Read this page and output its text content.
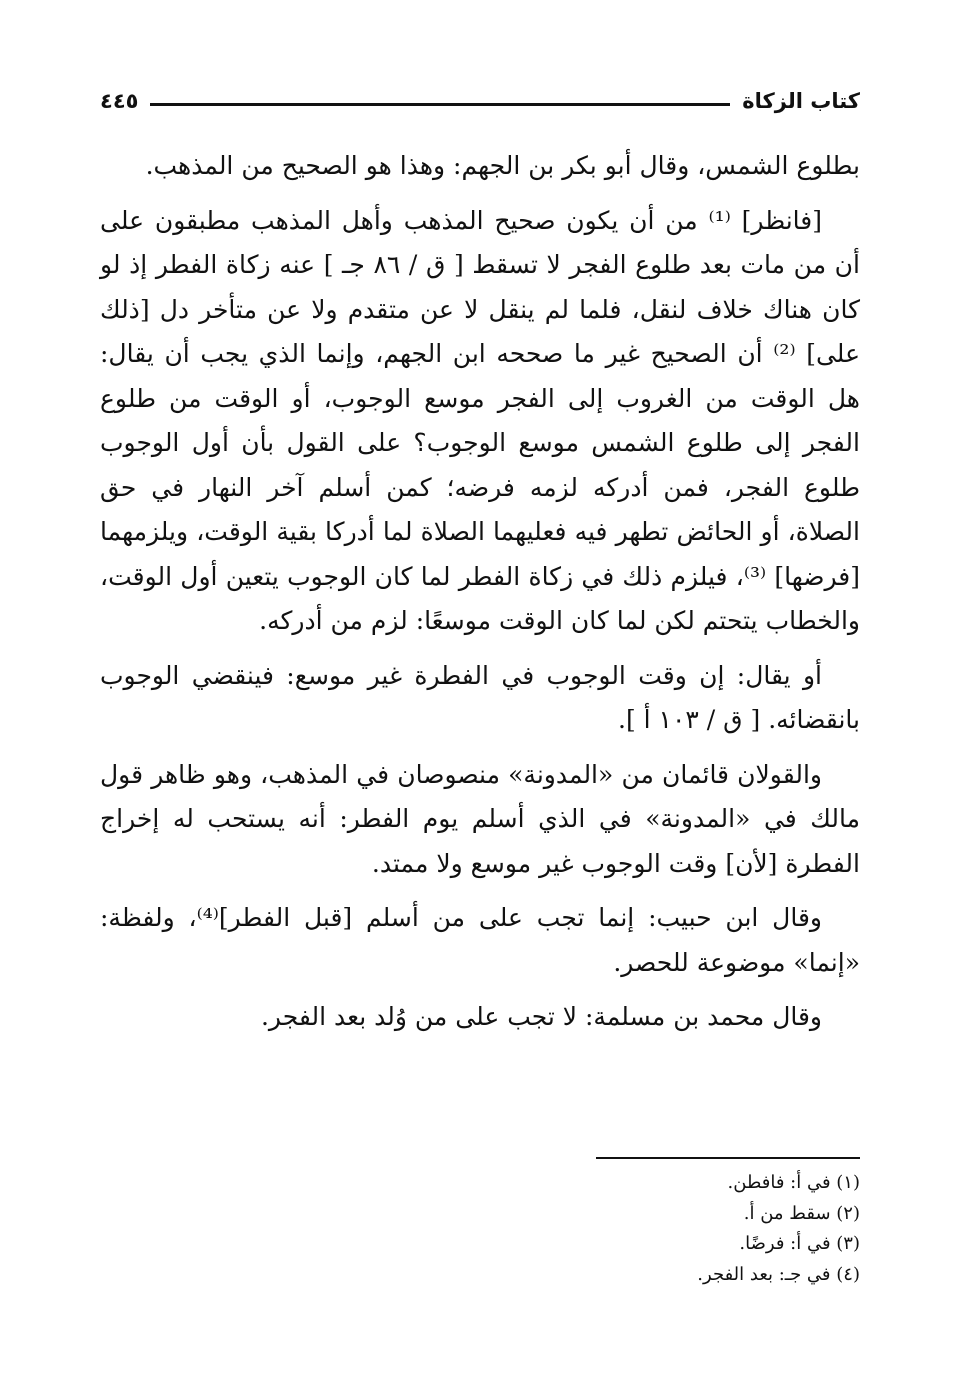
كتاب الزكاة
٤٤٥

بطلوع الشمس، وقال أبو بكر بن الجهم: وهذا هو الصحيح من المذهب.

[فانظر] ⁽¹⁾ من أن يكون صحيح المذهب وأهل المذهب مطبقون على أن من مات بعد طلوع الفجر لا تسقط [ ق / ٨٦ جـ ] عنه زكاة الفطر إذ لو كان هناك خلاف لنقل، فلما لم ينقل لا عن متقدم ولا عن متأخر دل [ذلك على] ⁽²⁾ أن الصحيح غير ما صححه ابن الجهم، وإنما الذي يجب أن يقال: هل الوقت من الغروب إلى الفجر موسع الوجوب، أو الوقت من طلوع الفجر إلى طلوع الشمس موسع الوجوب؟ على القول بأن أول الوجوب طلوع الفجر، فمن أدركه لزمه فرضه؛ كمن أسلم آخر النهار في حق الصلاة، أو الحائض تطهر فيه فعليهما الصلاة لما أدركا بقية الوقت، ويلزمهما [فرضها] ⁽³⁾، فيلزم ذلك في زكاة الفطر لما كان الوجوب يتعين أول الوقت، والخطاب يتحتم لكن لما كان الوقت موسعًا: لزم من أدركه.

أو يقال: إن وقت الوجوب في الفطرة غير موسع: فينقضي الوجوب بانقضائه. [ ق / ١٠٣ أ ].

والقولان قائمان من «المدونة» منصوصان في المذهب، وهو ظاهر قول مالك في «المدونة» في الذي أسلم يوم الفطر: أنه يستحب له إخراج الفطرة [لأن] وقت الوجوب غير موسع ولا ممتد.

وقال ابن حبيب: إنما تجب على من أسلم [قبل الفطر]⁽⁴⁾، ولفظة: «إنما» موضوعة للحصر.

وقال محمد بن مسلمة: لا تجب على من وُلد بعد الفجر.

(١) في أ: فافطن.
(٢) سقط من أ.
(٣) في أ: فرضًا.
(٤) في جـ: بعد الفجر.
